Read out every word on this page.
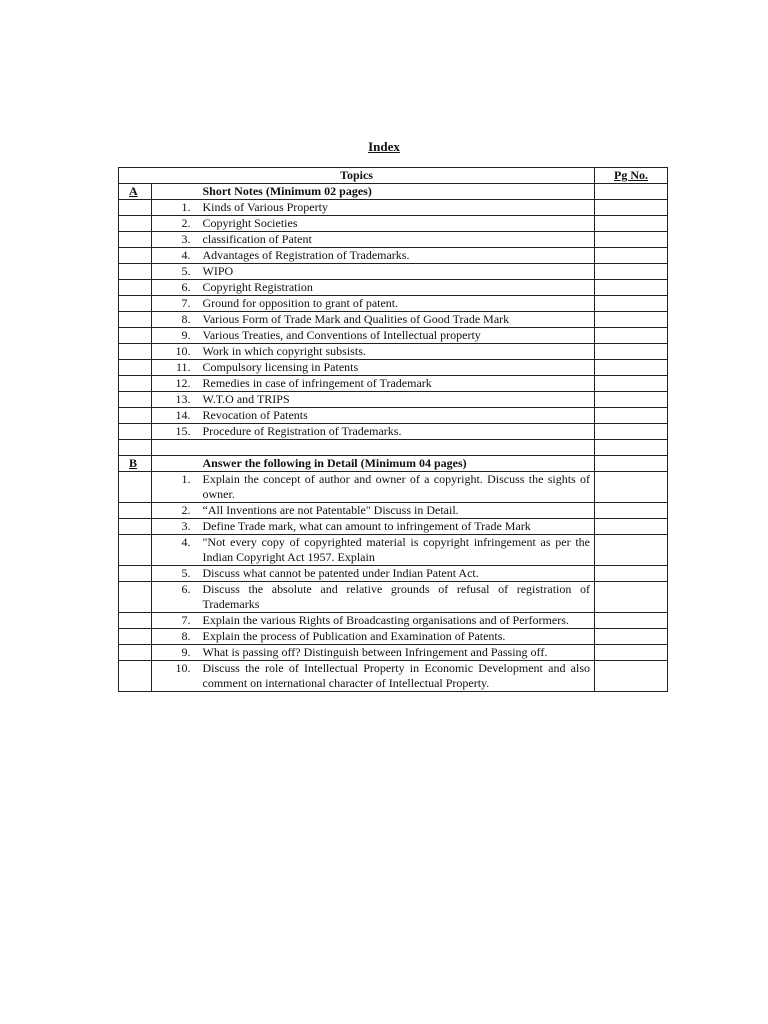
Index
Topics			Pg No.
A		Short Notes (Minimum 02 pages)	
	1.	Kinds of Various Property	
	2.	Copyright Societies	
	3.	classification of Patent	
	4.	Advantages of Registration of Trademarks.	
	5.	WIPO	
	6.	Copyright Registration	
	7.	Ground for opposition to grant of patent.	
	8.	Various Form of Trade Mark and Qualities of Good Trade Mark	
	9.	Various Treaties, and Conventions of Intellectual property	
	10.	Work in which copyright subsists.	
	11.	Compulsory licensing in Patents	
	12.	Remedies in case of infringement of Trademark	
	13.	W.T.O and TRIPS	
	14.	Revocation of Patents	
	15.	Procedure of Registration of Trademarks.	

B		Answer the following in Detail (Minimum 04 pages)	
	1.	Explain the concept of author and owner of a copyright. Discuss the sights of owner.	
	2.	“All Inventions are not Patentable" Discuss in Detail.	
	3.	Define Trade mark, what can amount to infringement of Trade Mark	
	4.	"Not every copy of copyrighted material is copyright infringement as per the Indian Copyright Act 1957. Explain	
	5.	Discuss what cannot be patented under Indian Patent Act.	
	6.	Discuss the absolute and relative grounds of refusal of registration of Trademarks	
	7.	Explain the various Rights of Broadcasting organisations and of Performers.	
	8.	Explain the process of Publication and Examination of Patents.	
	9.	What is passing off? Distinguish between Infringement and Passing off.	
	10.	Discuss the role of Intellectual Property in Economic Development and also comment on international character of Intellectual Property.	
